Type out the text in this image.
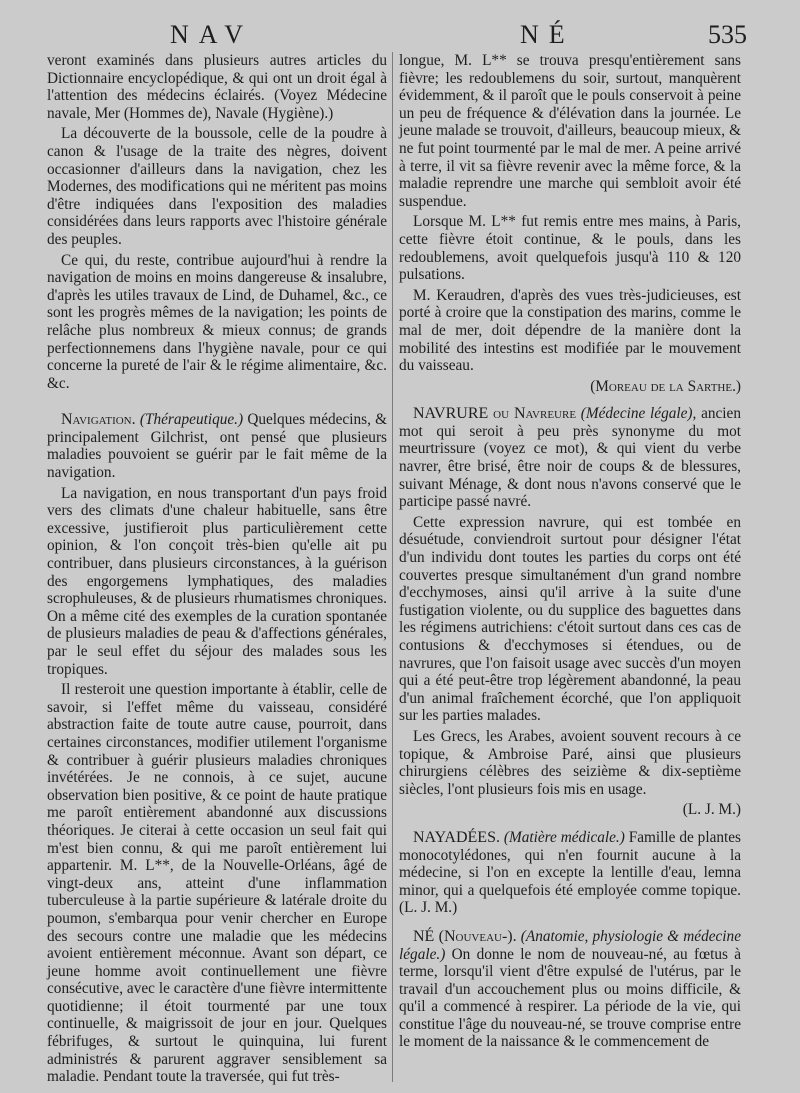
NAV	NÉ	535

veront examinés dans plusieurs autres articles du Dictionnaire encyclopédique, & qui ont un droit égal à l'attention des médecins éclairés. (Voyez Médecine navale, Mer (Hommes de), Navale (Hygiène).)

La découverte de la boussole, celle de la poudre à canon & l'usage de la traite des nègres, doivent occasionner d'ailleurs dans la navigation, chez les Modernes, des modifications qui ne méritent pas moins d'être indiquées dans l'exposition des maladies considérées dans leurs rapports avec l'histoire générale des peuples.

Ce qui, du reste, contribue aujourd'hui à rendre la navigation de moins en moins dangereuse & insalubre, d'après les utiles travaux de Lind, de Duhamel, &c., ce sont les progrès mêmes de la navigation; les points de relâche plus nombreux & mieux connus; de grands perfectionnemens dans l'hygiène navale, pour ce qui concerne la pureté de l'air & le régime alimentaire, &c. &c.

Navigation. (Thérapeutique.) Quelques médecins, & principalement Gilchrist, ont pensé que plusieurs maladies pouvoient se guérir par le fait même de la navigation.

La navigation, en nous transportant d'un pays froid vers des climats d'une chaleur habituelle, sans être excessive, justifieroit plus particulièrement cette opinion, & l'on conçoit très-bien qu'elle ait pu contribuer, dans plusieurs circonstances, à la guérison des engorgemens lymphatiques, des maladies scrophuleuses, & de plusieurs rhumatismes chroniques. On a même cité des exemples de la curation spontanée de plusieurs maladies de peau & d'affections générales, par le seul effet du séjour des malades sous les tropiques.

Il resteroit une question importante à établir, celle de savoir, si l'effet même du vaisseau, considéré abstraction faite de toute autre cause, pourroit, dans certaines circonstances, modifier utilement l'organisme & contribuer à guérir plusieurs maladies chroniques invétérées. Je ne connois, à ce sujet, aucune observation bien positive, & ce point de haute pratique me paroît entièrement abandonné aux discussions théoriques. Je citerai à cette occasion un seul fait qui m'est bien connu, & qui me paroît entièrement lui appartenir. M. L**, de la Nouvelle-Orléans, âgé de vingt-deux ans, atteint d'une inflammation tuberculeuse à la partie supérieure & latérale droite du poumon, s'embarqua pour venir chercher en Europe des secours contre une maladie que les médecins avoient entièrement méconnue. Avant son départ, ce jeune homme avoit continuellement une fièvre consécutive, avec le caractère d'une fièvre intermittente quotidienne; il étoit tourmenté par une toux continuelle, & maigrissoit de jour en jour. Quelques fébrifuges, & surtout le quinquina, lui furent administrés & parurent aggraver sensiblement sa maladie. Pendant toute la traversée, qui fut très-

longue, M. L** se trouva presqu'entièrement sans fièvre; les redoublemens du soir, surtout, manquèrent évidemment, & il paroît que le pouls conservoit à peine un peu de fréquence & d'élévation dans la journée. Le jeune malade se trouvoit, d'ailleurs, beaucoup mieux, & ne fut point tourmenté par le mal de mer. A peine arrivé à terre, il vit sa fièvre revenir avec la même force, & la maladie reprendre une marche qui sembloit avoir été suspendue.

Lorsque M. L** fut remis entre mes mains, à Paris, cette fièvre étoit continue, & le pouls, dans les redoublemens, avoit quelquefois jusqu'à 110 & 120 pulsations.

M. Keraudren, d'après des vues très-judicieuses, est porté à croire que la constipation des marins, comme le mal de mer, doit dépendre de la manière dont la mobilité des intestins est modifiée par le mouvement du vaisseau.

(Moreau de la Sarthe.)

NAVRURE ou Navreure (Médecine légale), ancien mot qui seroit à peu près synonyme du mot meurtrissure (voyez ce mot), & qui vient du verbe navrer, être brisé, être noir de coups & de blessures, suivant Ménage, & dont nous n'avons conservé que le participe passé navré.

Cette expression navrure, qui est tombée en désuétude, conviendroit surtout pour désigner l'état d'un individu dont toutes les parties du corps ont été couvertes presque simultanément d'un grand nombre d'ecchymoses, ainsi qu'il arrive à la suite d'une fustigation violente, ou du supplice des baguettes dans les régimens autrichiens: c'étoit surtout dans ces cas de contusions & d'ecchymoses si étendues, ou de navrures, que l'on faisoit usage avec succès d'un moyen qui a été peut-être trop légèrement abandonné, la peau d'un animal fraîchement écorché, que l'on appliquoit sur les parties malades.

Les Grecs, les Arabes, avoient souvent recours à ce topique, & Ambroise Paré, ainsi que plusieurs chirurgiens célèbres des seizième & dix-septième siècles, l'ont plusieurs fois mis en usage.

(L. J. M.)

NAYADÉES. (Matière médicale.) Famille de plantes monocotylédones, qui n'en fournit aucune à la médecine, si l'on en excepte la lentille d'eau, lemna minor, qui a quelquefois été employée comme topique. (L. J. M.)

NÉ (Nouveau-). (Anatomie, physiologie & médecine légale.) On donne le nom de nouveau-né, au fœtus à terme, lorsqu'il vient d'être expulsé de l'utérus, par le travail d'un accouchement plus ou moins difficile, & qu'il a commencé à respirer. La période de la vie, qui constitue l'âge du nouveau-né, se trouve comprise entre le moment de la naissance & le commencement de
